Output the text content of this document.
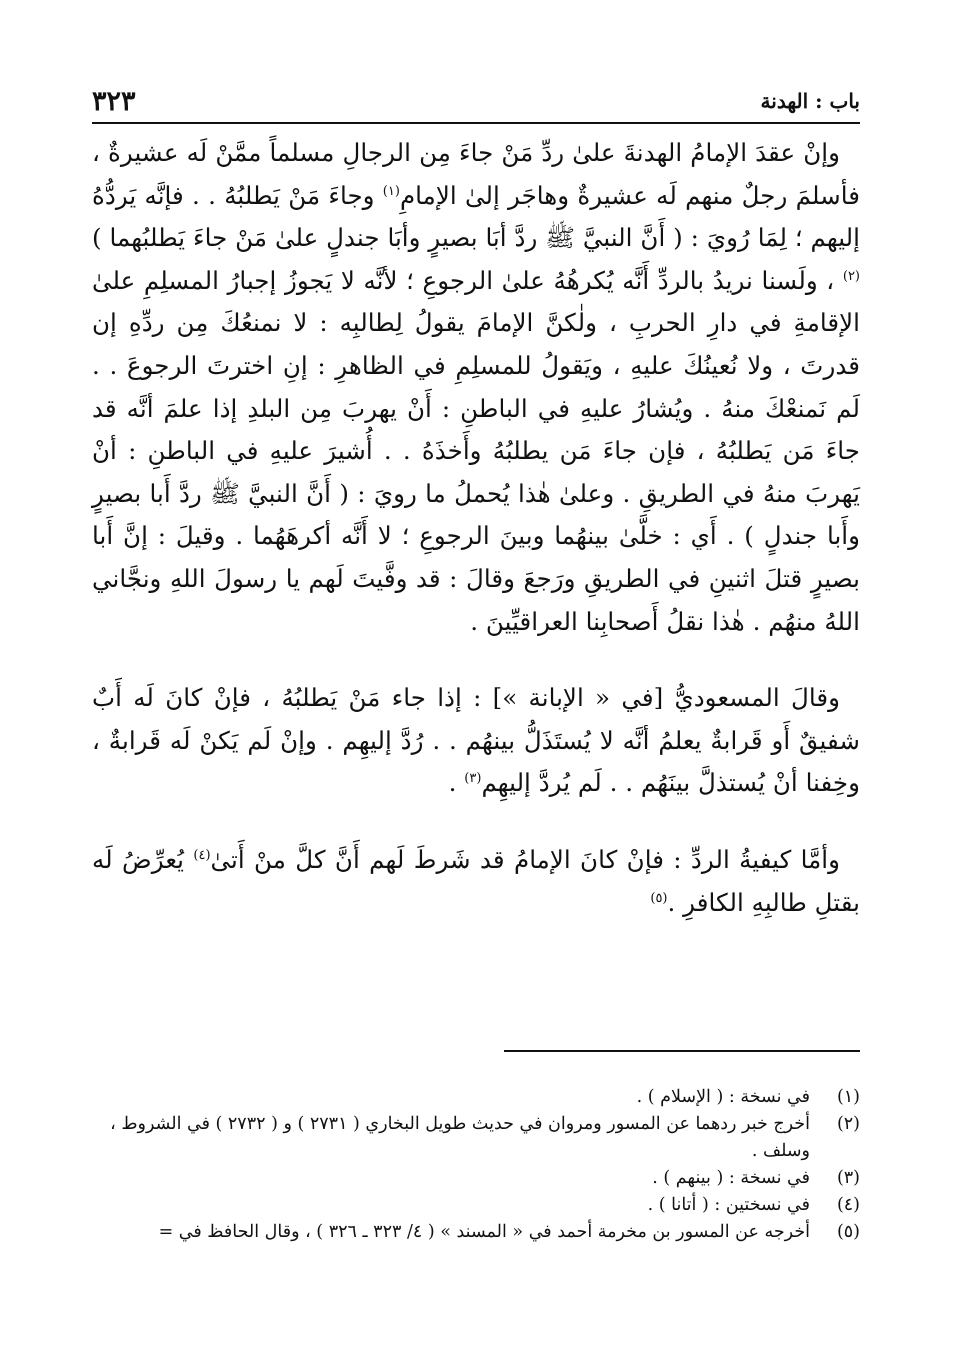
باب : الهدنة
٣٢٣

وإنْ عقدَ الإمامُ الهدنةَ علىٰ ردِّ مَنْ جاءَ مِن الرجالِ مسلماً ممَّنْ لَه عشيرةٌ ، فأسلمَ رجلٌ منهم لَه عشيرةٌ وهاجَر إلىٰ الإمامِ$^{(١)}$ وجاءَ مَنْ يَطلبُهُ . . فإنَّه يَردُّهُ إليهم ؛ لِمَا رُويَ : ( أَنَّ النبيَّ ﷺ ردَّ أبَا بصيرٍ وأبَا جندلٍ علىٰ مَنْ جاءَ يَطلبُهما )$^{(٢)}$ ، ولَسنا نريدُ بالردِّ أَنَّه يُكرهُهُ علىٰ الرجوعِ ؛ لأنَّه لا يَجوزُ إجبارُ المسلِمِ علىٰ الإقامةِ في دارِ الحربِ ، ولٰكنَّ الإمامَ يقولُ لِطالبِه : لا نمنعُكَ مِن ردِّهِ إن قدرتَ ، ولا نُعينُكَ عليهِ ، ويَقولُ للمسلِمِ في الظاهرِ : إنِ اخترتَ الرجوعَ . . لَم نَمنعْكَ منهُ . ويُشارُ عليهِ في الباطنِ : أَنْ يهربَ مِن البلدِ إذا علمَ أنَّه قد جاءَ مَن يَطلبُهُ ، فإن جاءَ مَن يطلبُهُ وأَخذَهُ . . أُشيرَ عليهِ في الباطنِ : أنْ يَهربَ منهُ في الطريقِ . وعلىٰ هٰذا يُحملُ ما رويَ : ( أَنَّ النبيَّ ﷺ ردَّ أَبا بصيرٍ وأَبا جندلٍ ) . أَي : خلَّىٰ بينهُما وبينَ الرجوعِ ؛ لا أَنَّه أكرهَهُما . وقيلَ : إنَّ أَبا بصيرٍ قتلَ اثنينِ في الطريقِ ورَجعَ وقالَ : قد وفَّيتَ لَهم يا رسولَ اللهِ ونجَّاني اللهُ منهُم . هٰذا نقلُ أَصحابِنا العراقيِّينَ .

وقالَ المسعوديُّ [في « الإبانة »] : إذا جاء مَنْ يَطلبُهُ ، فإنْ كانَ لَه أَبٌ شفيقٌ أَو قَرابةٌ يعلمُ أنَّه لا يُستَذَلُّ بينهُم . . رُدَّ إليهِم . وإنْ لَم يَكنْ لَه قَرابةٌ ، وخِفنا أنْ يُستذلَّ بينَهُم . . لَم يُردَّ إليهِم$^{(٣)}$ .

وأمَّا كيفيةُ الردِّ : فإنْ كانَ الإمامُ قد شَرطَ لَهم أَنَّ كلَّ منْ أَتىٰ$^{(٤)}$ يُعرِّضُ لَه بقتلِ طالبِهِ الكافرِ .$^{(٥)}$

(١)
في نسخة : ( الإسلام ) .
(٢)
أخرج خبر ردهما عن المسور ومروان في حديث طويل البخاري ( ٢٧٣١ ) و ( ٢٧٣٢ ) في الشروط ، وسلف .
(٣)
في نسخة : ( بينهم ) .
(٤)
في نسختين : ( أتانا ) .
(٥)
أخرجه عن المسور بن مخرمة أحمد في « المسند » ( ٤/ ٣٢٣ ـ ٣٢٦ ) ، وقال الحافظ في =
